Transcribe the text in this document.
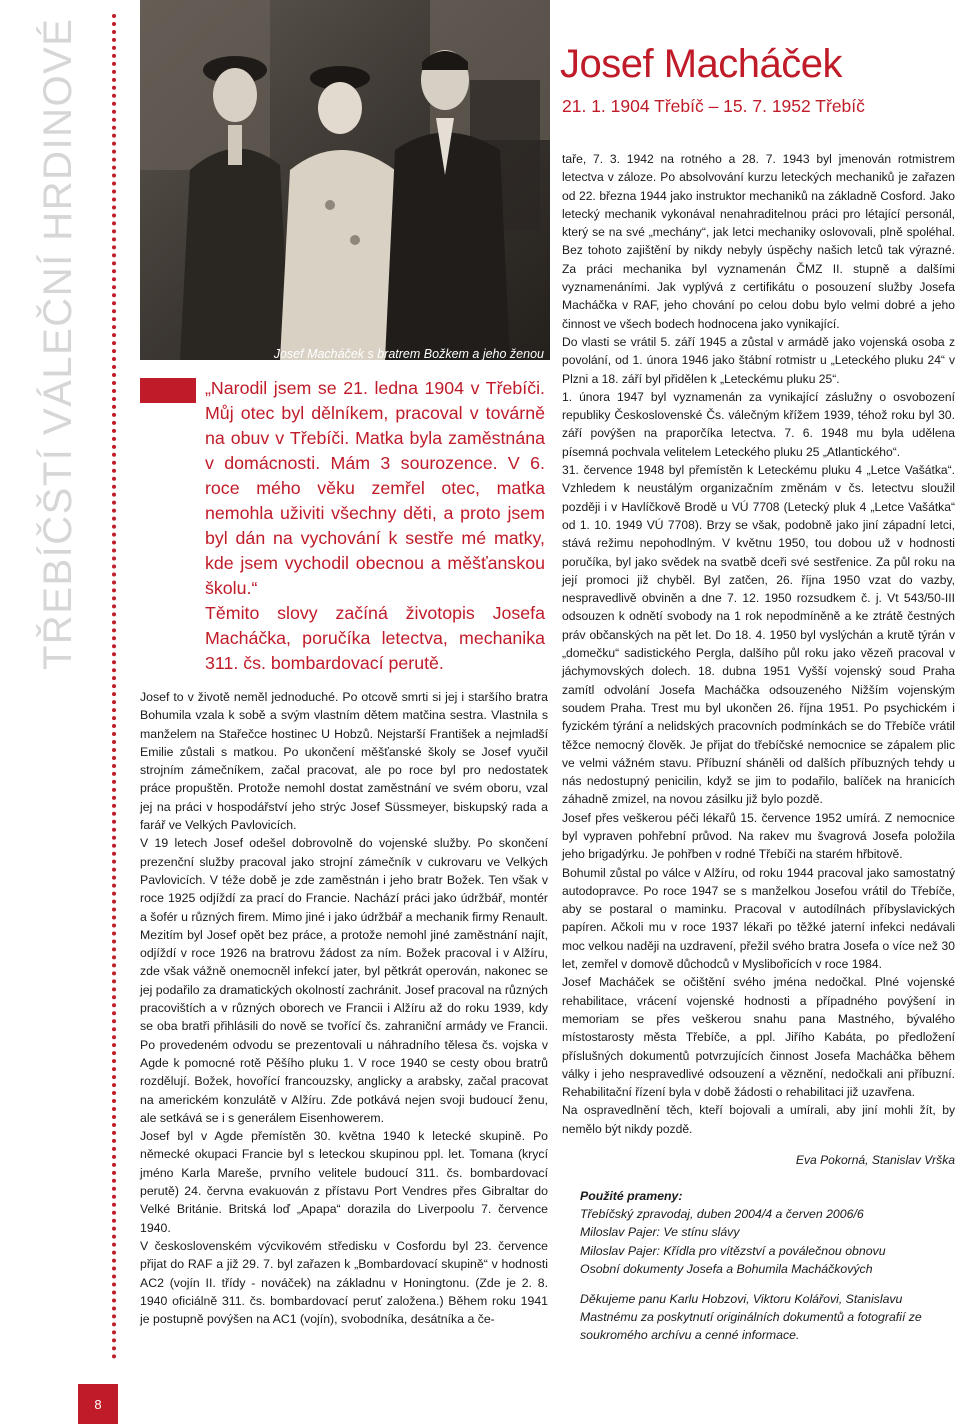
TŘEBÍČŠTÍ VÁLEČNÍ HRDINOVÉ	Josef Macháček s bratrem Božkem a jeho ženou

„Narodil jsem se 21. ledna 1904 v Třebíči. Můj otec byl dělníkem, pracoval v továrně na obuv v Třebíči. Matka byla zaměstnána v domácnosti. Mám 3 sourozence. V 6. roce mého věku zemřel otec, matka nemohla uživiti všechny děti, a proto jsem byl dán na vychování k sestře mé matky, kde jsem vychodil obecnou a měšťanskou školu.“

Těmito slovy začíná životopis Josefa Macháčka, poručíka letectva, mechanika 311. čs. bombardovací perutě.

Josef to v životě neměl jednoduché. Po otcově smrti si jej i staršího bratra Bohumila vzala k sobě a svým vlastním dětem matčina sestra. Vlastnila s manželem na Stařečce hostinec U Hobzů. Nejstarší František a nejmladší Emilie zůstali s matkou. Po ukončení měšťanské školy se Josef vyučil strojním zámečníkem, začal pracovat, ale po roce byl pro nedostatek práce propuštěn. Protože nemohl dostat zaměstnání ve svém oboru, vzal jej na práci v hospodářství jeho strýc Josef Süssmeyer, biskupský rada a farář ve Velkých Pavlovicích.

V 19 letech Josef odešel dobrovolně do vojenské služby. Po skončení prezenční služby pracoval jako strojní zámečník v cukrovaru ve Velkých Pavlovicích. V téže době je zde zaměstnán i jeho bratr Božek. Ten však v roce 1925 odjíždí za prací do Francie. Nachází práci jako údržbář, montér a šofér u různých firem. Mimo jiné i jako údržbář a mechanik firmy Renault. Mezitím byl Josef opět bez práce, a protože nemohl jiné zaměstnání najít, odjíždí v roce 1926 na bratrovu žádost za ním. Božek pracoval i v Alžíru, zde však vážně onemocněl infekcí jater, byl pětkrát operován, nakonec se jej podařilo za dramatických okolností zachránit. Josef pracoval na různých pracovištích a v různých oborech ve Francii i Alžíru až do roku 1939, kdy se oba bratři přihlásili do nově se tvořící čs. zahraniční armády ve Francii. Po provedeném odvodu se prezentovali u náhradního tělesa čs. vojska v Agde k pomocné rotě Pěšího pluku 1. V roce 1940 se cesty obou bratrů rozdělují. Božek, hovořící francouzsky, anglicky a arabsky, začal pracovat na americkém konzulátě v Alžíru. Zde potkává nejen svoji budoucí ženu, ale setkává se i s generálem Eisenhowerem.

Josef byl v Agde přemístěn 30. května 1940 k letecké skupině. Po německé okupaci Francie byl s leteckou skupinou ppl. let. Tomana (krycí jméno Karla Mareše, prvního velitele budoucí 311. čs. bombardovací perutě) 24. června evakuován z přístavu Port Vendres přes Gibraltar do Velké Británie. Britská loď „Apapa“ dorazila do Liverpoolu 7. července 1940.

V československém výcvikovém středisku v Cosfordu byl 23. července přijat do RAF a již 29. 7. byl zařazen k „Bombardovací skupině“ v hodnosti AC2 (vojín II. třídy - nováček) na základnu v Honingtonu. (Zde je 2. 8. 1940 oficiálně 311. čs. bombardovací peruť založena.) Během roku 1941 je postupně povýšen na AC1 (vojín), svobodníka, desátníka a če-

Josef Macháček
21. 1. 1904 Třebíč – 15. 7. 1952 Třebíč

taře, 7. 3. 1942 na rotného a 28. 7. 1943 byl jmenován rotmistrem letectva v záloze. Po absolvování kurzu leteckých mechaniků je zařazen od 22. března 1944 jako instruktor mechaniků na základně Cosford. Jako letecký mechanik vykonával nenahraditelnou práci pro létající personál, který se na své „mechány“, jak letci mechaniky oslovovali, plně spoléhal. Bez tohoto zajištění by nikdy nebyly úspěchy našich letců tak výrazné. Za práci mechanika byl vyznamenán ČMZ II. stupně a dalšími vyznamenáními. Jak vyplývá z certifikátu o posouzení služby Josefa Macháčka v RAF, jeho chování po celou dobu bylo velmi dobré a jeho činnost ve všech bodech hodnocena jako vynikající.

Do vlasti se vrátil 5. září 1945 a zůstal v armádě jako vojenská osoba z povolání, od 1. února 1946 jako štábní rotmistr u „Leteckého pluku 24“ v Plzni a 18. září byl přidělen k „Leteckému pluku 25“.

1. února 1947 byl vyznamenán za vynikající záslužny o osvobození republiky Československé Čs. válečným křížem 1939, téhož roku byl 30. září povýšen na praporčíka letectva. 7. 6. 1948 mu byla udělena písemná pochvala velitelem Leteckého pluku 25 „Atlantického“.

31. července 1948 byl přemístěn k Leteckému pluku 4 „Letce Vašátka“. Vzhledem k neustálým organizačním změnám v čs. letectvu sloužil později i v Havlíčkově Brodě u VÚ 7708 (Letecký pluk 4 „Letce Vašátka“ od 1. 10. 1949 VÚ 7708). Brzy se však, podobně jako jiní západní letci, stává režimu nepohodlným. V květnu 1950, tou dobou už v hodnosti poručíka, byl jako svědek na svatbě dceři své sestřenice. Za půl roku na její promoci již chyběl. Byl zatčen, 26. října 1950 vzat do vazby, nespravedlivě obviněn a dne 7. 12. 1950 rozsudkem č. j. Vt 543/50-III odsouzen k odnětí svobody na 1 rok nepodmíněně a ke ztrátě čestných práv občanských na pět let. Do 18. 4. 1950 byl vyslýchán a krutě týrán v „domečku“ sadistického Pergla, dalšího půl roku jako vězeň pracoval v jáchymovských dolech. 18. dubna 1951 Vyšší vojenský soud Praha zamítl odvolání Josefa Macháčka odsouzeného Nižším vojenským soudem Praha. Trest mu byl ukončen 26. října 1951. Po psychickém i fyzickém týrání a nelidských pracovních podmínkách se do Třebíče vrátil těžce nemocný člověk. Je přijat do třebíčské nemocnice se zápalem plic ve velmi vážném stavu. Příbuzní sháněli od dalších příbuzných tehdy u nás nedostupný penicilin, když se jim to podařilo, balíček na hranicích záhadně zmizel, na novou zásilku již bylo pozdě.

Josef přes veškerou péči lékařů 15. července 1952 umírá. Z nemocnice byl vypraven pohřební průvod. Na rakev mu švagrová Josefa položila jeho brigadýrku. Je pohřben v rodné Třebíči na starém hřbitově.

Bohumil zůstal po válce v Alžíru, od roku 1944 pracoval jako samostatný autodopravce. Po roce 1947 se s manželkou Josefou vrátil do Třebíče, aby se postaral o maminku. Pracoval v autodílnách příbyslavických papíren. Ačkoli mu v roce 1937 lékaři po těžké jaterní infekci nedávali moc velkou naději na uzdravení, přežil svého bratra Josefa o více než 30 let, zemřel v domově důchodců v Myslibořicích v roce 1984.

Josef Macháček se očištění svého jména nedočkal. Plné vojenské rehabilitace, vrácení vojenské hodnosti a případného povýšení in memoriam se přes veškerou snahu pana Mastného, bývalého místostarosty města Třebíče, a ppl. Jiřího Kabáta, po předložení příslušných dokumentů potvrzujících činnost Josefa Macháčka během války i jeho nespravedlivé odsouzení a věznění, nedočkali ani příbuzní. Rehabilitační řízení byla v době žádosti o rehabilitaci již uzavřena.

Na ospravedlnění těch, kteří bojovali a umírali, aby jiní mohli žít, by nemělo být nikdy pozdě.

Eva Pokorná, Stanislav Vrška

Použité prameny:

Třebíčský zpravodaj, duben 2004/4 a červen 2006/6

Miloslav Pajer: Ve stínu slávy

Miloslav Pajer: Křídla pro vítězství a poválečnou obnovu

Osobní dokumenty Josefa a Bohumila Macháčkových

Děkujeme panu Karlu Hobzovi, Viktoru Kolářovi, Stanislavu Mastnému za poskytnutí originálních dokumentů a fotografií ze soukromého archívu a cenné informace.

8
